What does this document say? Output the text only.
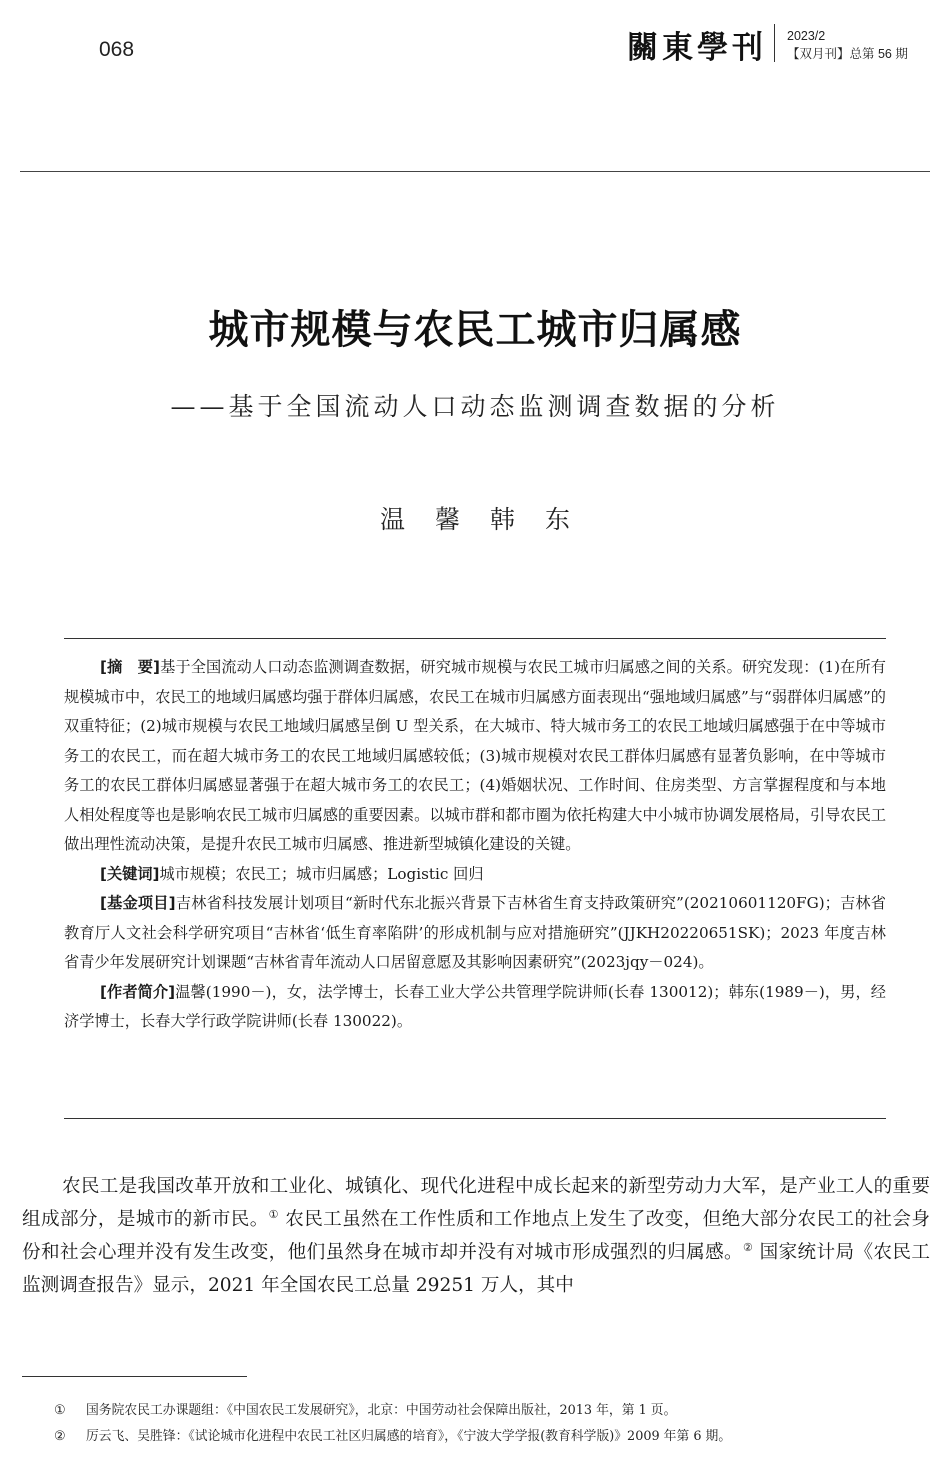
068	關東學刊 2023/2
【双月刊】总第 56 期
城市规模与农民工城市归属感
——基于全国流动人口动态监测调查数据的分析
温馨韩东

[摘　要]基于全国流动人口动态监测调查数据，研究城市规模与农民工城市归属感之间的关系。研究发现：(1)在所有规模城市中，农民工的地域归属感均强于群体归属感，农民工在城市归属感方面表现出“强地域归属感”与“弱群体归属感”的双重特征；(2)城市规模与农民工地域归属感呈倒 U 型关系，在大城市、特大城市务工的农民工地域归属感强于在中等城市务工的农民工，而在超大城市务工的农民工地域归属感较低；(3)城市规模对农民工群体归属感有显著负影响，在中等城市务工的农民工群体归属感显著强于在超大城市务工的农民工；(4)婚姻状况、工作时间、住房类型、方言掌握程度和与本地人相处程度等也是影响农民工城市归属感的重要因素。以城市群和都市圈为依托构建大中小城市协调发展格局，引导农民工做出理性流动决策，是提升农民工城市归属感、推进新型城镇化建设的关键。

[关键词]城市规模；农民工；城市归属感；Logistic 回归

[基金项目]吉林省科技发展计划项目“新时代东北振兴背景下吉林省生育支持政策研究”(20210601120FG)；吉林省教育厅人文社会科学研究项目“吉林省‘低生育率陷阱’的形成机制与应对措施研究”(JJKH20220651SK)；2023 年度吉林省青少年发展研究计划课题“吉林省青年流动人口居留意愿及其影响因素研究”(2023jqy－024)。

[作者简介]温馨(1990－)，女，法学博士，长春工业大学公共管理学院讲师(长春 130012)；韩东(1989－)，男，经济学博士，长春大学行政学院讲师(长春 130022)。

农民工是我国改革开放和工业化、城镇化、现代化进程中成长起来的新型劳动力大军，是产业工人的重要组成部分，是城市的新市民。① 农民工虽然在工作性质和工作地点上发生了改变，但绝大部分农民工的社会身份和社会心理并没有发生改变，他们虽然身在城市却并没有对城市形成强烈的归属感。② 国家统计局《农民工监测调查报告》显示，2021 年全国农民工总量 29251 万人，其中

①	国务院农民工办课题组：《中国农民工发展研究》，北京：中国劳动社会保障出版社，2013 年，第 1 页。
②	厉云飞、吴胜锋：《试论城市化进程中农民工社区归属感的培育》，《宁波大学学报(教育科学版)》2009 年第 6 期。
